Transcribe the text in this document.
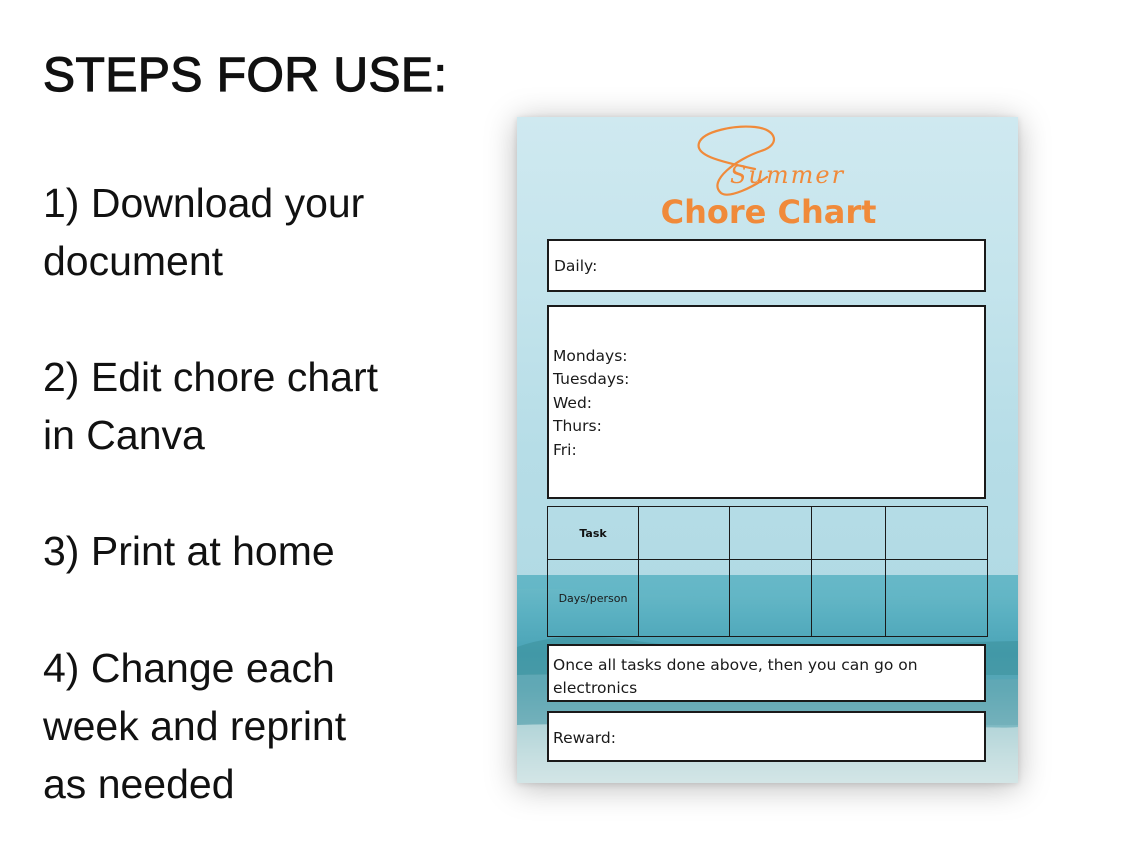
STEPS FOR USE:

1) Download your
document

2) Edit chore chart
in Canva

3) Print at home

4) Change each
week and reprint
as needed

Summer
Chore Chart
Daily:
Mondays:
Tuesdays:
Wed:
Thurs:
Fri:
Task				
Days/person				
Once all tasks done above, then you can go on
electronics
Reward:
